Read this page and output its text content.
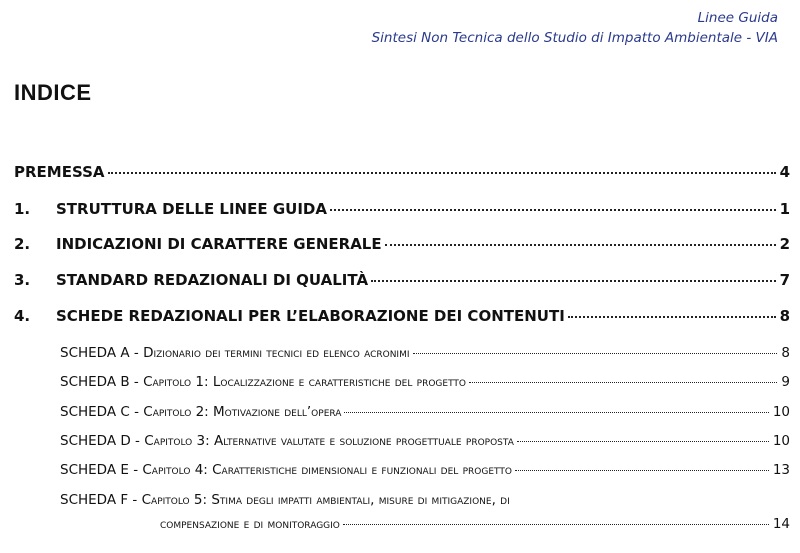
Linee Guida
Sintesi Non Tecnica dello Studio di Impatto Ambientale - VIA
INDICE
PREMESSA	4
1.	STRUTTURA DELLE LINEE GUIDA	1
2.	INDICAZIONI DI CARATTERE GENERALE	2
3.	STANDARD REDAZIONALI DI QUALITÀ	7
4.	SCHEDE REDAZIONALI PER L’ELABORAZIONE DEI CONTENUTI	8
SCHEDA A - Dizionario dei termini tecnici ed elenco acronimi	8
SCHEDA B - Capitolo 1: Localizzazione e caratteristiche del progetto	9
SCHEDA C - Capitolo 2: Motivazione dell’opera	10
SCHEDA D - Capitolo 3: Alternative valutate e soluzione progettuale proposta	10
SCHEDA E - Capitolo 4: Caratteristiche dimensionali e funzionali del progetto	13
SCHEDA F - Capitolo 5: Stima degli impatti ambientali, misure di mitigazione, di
compensazione e di monitoraggio	14
